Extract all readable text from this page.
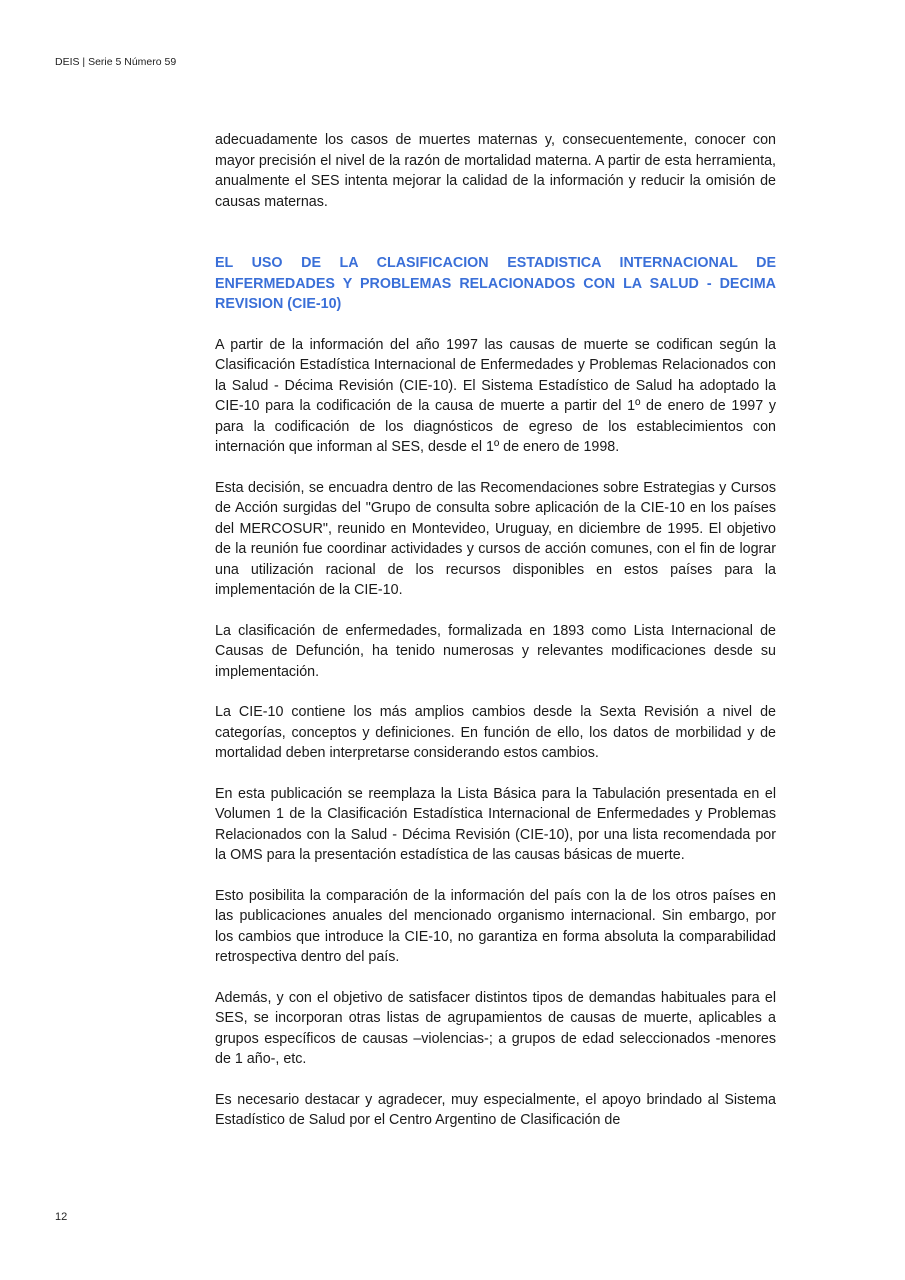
DEIS | Serie 5 Número 59

adecuadamente los casos de muertes maternas y, consecuentemente, conocer con mayor precisión el nivel de la razón de mortalidad materna. A partir de esta herramienta, anualmente el SES intenta mejorar la calidad de la información y reducir la omisión de causas maternas.

EL USO DE LA CLASIFICACION ESTADISTICA INTERNACIONAL DE ENFERMEDADES Y PROBLEMAS RELACIONADOS CON LA SALUD - DECIMA REVISION (CIE-10)

A partir de la información del año 1997 las causas de muerte se codifican según la Clasificación Estadística Internacional de Enfermedades y Problemas Relacionados con la Salud - Décima Revisión (CIE-10). El Sistema Estadístico de Salud ha adoptado la CIE-10 para la codificación de la causa de muerte a partir del 1º de enero de 1997 y para la codificación de los diagnósticos de egreso de los establecimientos con internación que informan al SES, desde el 1º de enero de 1998.

Esta decisión, se encuadra dentro de las Recomendaciones sobre Estrategias y Cursos de Acción surgidas del "Grupo de consulta sobre aplicación de la CIE-10 en los países del MERCOSUR", reunido en Montevideo, Uruguay, en diciembre de 1995. El objetivo de la reunión fue coordinar actividades y cursos de acción comunes, con el fin de lograr una utilización racional de los recursos disponibles en estos países para la implementación de la CIE-10.

La clasificación de enfermedades, formalizada en 1893 como Lista Internacional de Causas de Defunción, ha tenido numerosas y relevantes modificaciones desde su implementación.

La CIE-10 contiene los más amplios cambios desde la Sexta Revisión a nivel de categorías, conceptos y definiciones. En función de ello, los datos de morbilidad y de mortalidad deben interpretarse considerando estos cambios.

En esta publicación se reemplaza la Lista Básica para la Tabulación presentada en el Volumen 1 de la Clasificación Estadística Internacional de Enfermedades y Problemas Relacionados con la Salud - Décima Revisión (CIE-10), por una lista recomendada por la OMS para la presentación estadística de las causas básicas de muerte.

Esto posibilita la comparación de la información del país con la de los otros países en las publicaciones anuales del mencionado organismo internacional. Sin embargo, por los cambios que introduce la CIE-10, no garantiza en forma absoluta la comparabilidad retrospectiva dentro del país.

Además, y con el objetivo de satisfacer distintos tipos de demandas habituales para el SES, se incorporan otras listas de agrupamientos de causas de muerte, aplicables a grupos específicos de causas –violencias-; a grupos de edad seleccionados -menores de 1 año-, etc.

Es necesario destacar y agradecer, muy especialmente, el apoyo brindado al Sistema Estadístico de Salud por el Centro Argentino de Clasificación de

12
